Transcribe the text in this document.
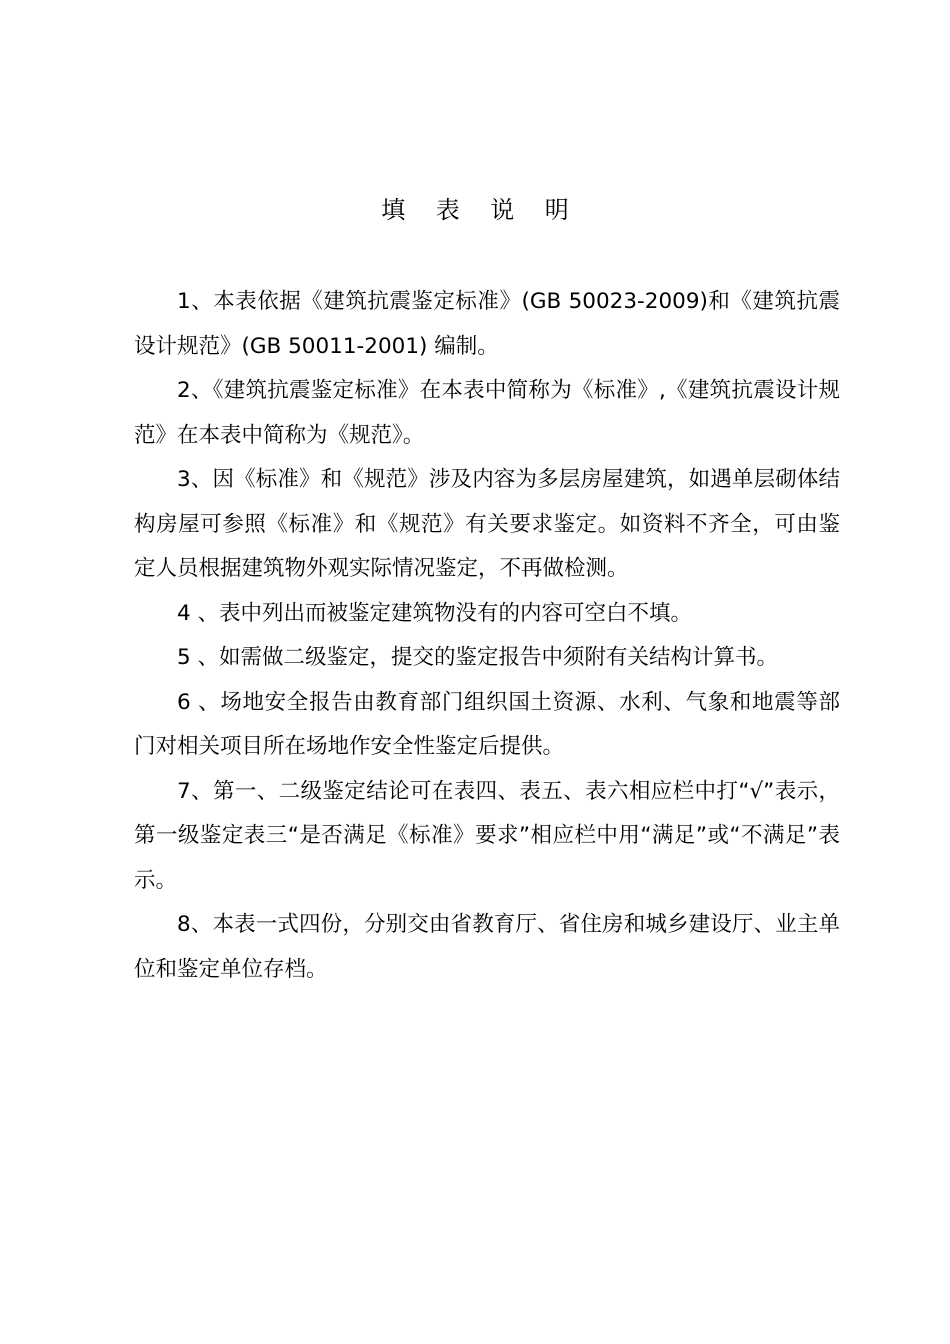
填    表    说    明

1、本表依据《建筑抗震鉴定标准》(GB 50023-2009)和《建筑抗震设计规范》(GB 50011-2001) 编制。

2、《建筑抗震鉴定标准》在本表中简称为《标准》,《建筑抗震设计规范》在本表中简称为《规范》。

3、因《标准》和《规范》涉及内容为多层房屋建筑，如遇单层砌体结构房屋可参照《标准》和《规范》有关要求鉴定。如资料不齐全，可由鉴定人员根据建筑物外观实际情况鉴定，不再做检测。

4 、表中列出而被鉴定建筑物没有的内容可空白不填。

5 、如需做二级鉴定，提交的鉴定报告中须附有关结构计算书。

6 、场地安全报告由教育部门组织国土资源、水利、气象和地震等部门对相关项目所在场地作安全性鉴定后提供。

7、第一、二级鉴定结论可在表四、表五、表六相应栏中打“√”表示，第一级鉴定表三“是否满足《标准》要求”相应栏中用“满足”或“不满足”表示。

8、本表一式四份，分别交由省教育厅、省住房和城乡建设厅、业主单位和鉴定单位存档。
